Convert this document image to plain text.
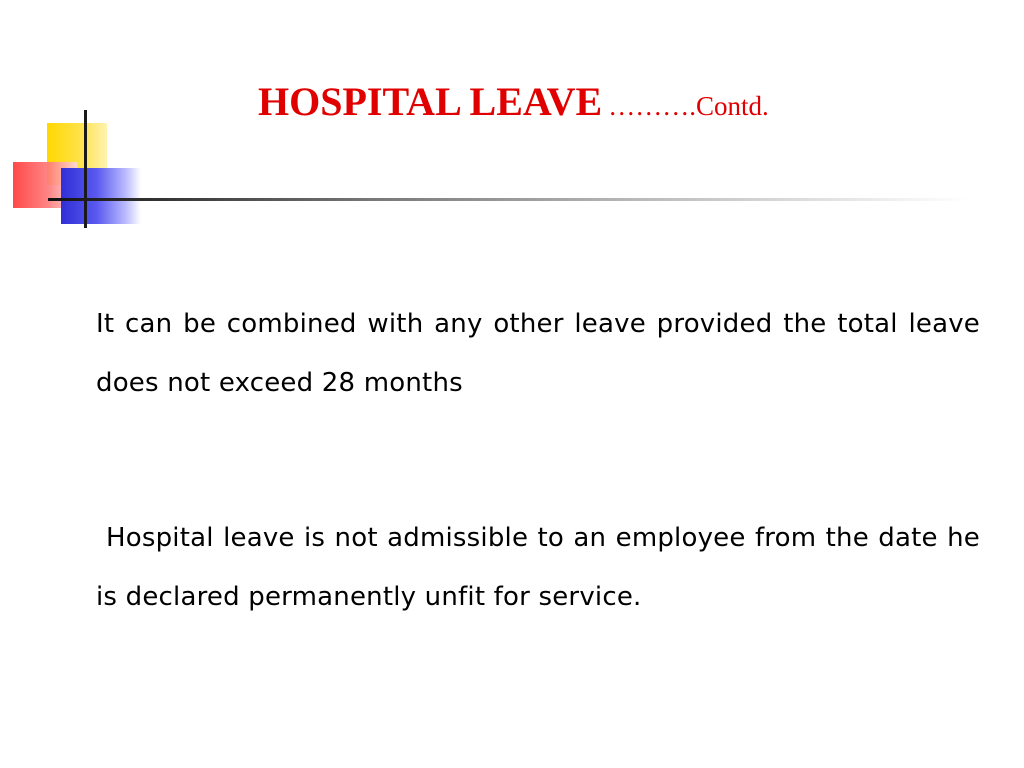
HOSPITAL LEAVE ……….Contd.

It can be combined with any other leave provided the total leave does not exceed 28 months

Hospital leave is not admissible to an employee from the date he is declared permanently unfit for service.
